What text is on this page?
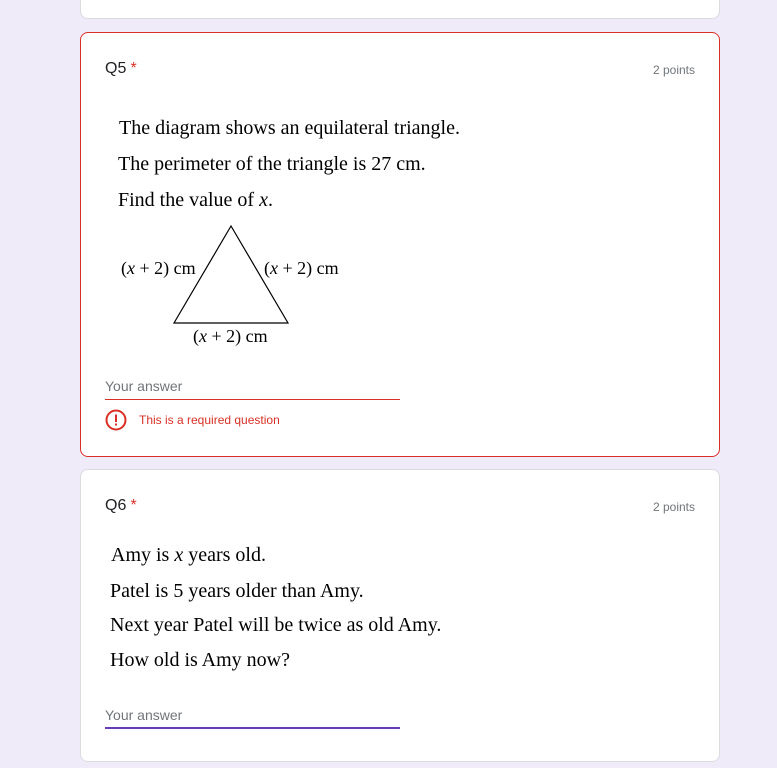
Q5 *	2 points
The diagram shows an equilateral triangle.
The perimeter of the triangle is 27 cm.
Find the value of x.
(x + 2) cm	(x + 2) cm
(x + 2) cm
Your answer
This is a required question
Q6 *	2 points
Amy is x years old.
Patel is 5 years older than Amy.
Next year Patel will be twice as old Amy.
How old is Amy now?
Your answer
